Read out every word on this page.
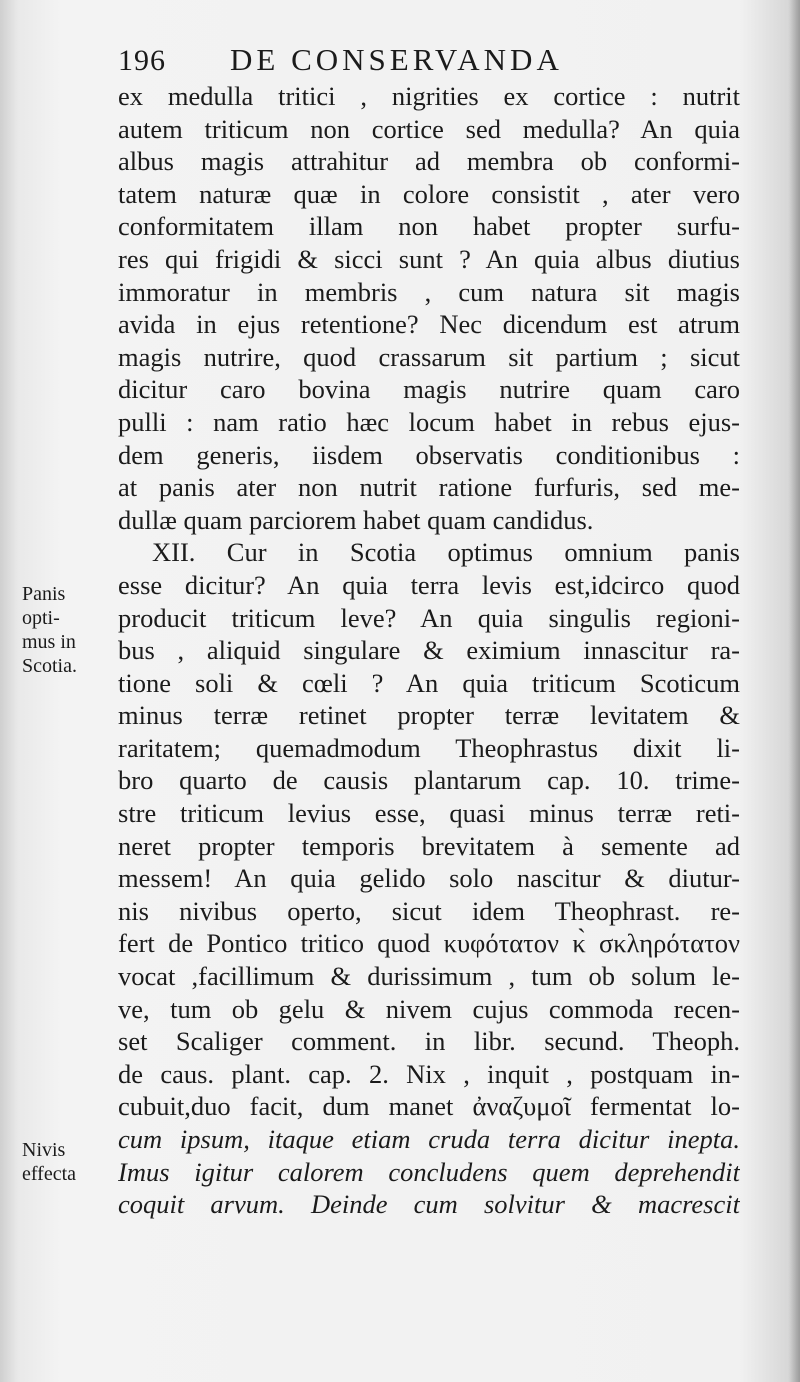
196 DE CONSERVANDA
ex medulla tritici , nigrities ex cortice : nutrit
autem triticum non cortice sed medulla? An quia
albus magis attrahitur ad membra ob conformi-
tatem naturæ quæ in colore consistit , ater vero
conformitatem illam non habet propter surfu-
res qui frigidi & sicci sunt ? An quia albus diutius
immoratur in membris , cum natura sit magis
avida in ejus retentione? Nec dicendum est atrum
magis nutrire, quod crassarum sit partium ; sicut
dicitur caro bovina magis nutrire quam caro
pulli : nam ratio hæc locum habet in rebus ejus-
dem generis, iisdem observatis conditionibus :
at panis ater non nutrit ratione furfuris, sed me-
dullæ quam parciorem habet quam candidus.
XII. Cur in Scotia optimus omnium panis
esse dicitur? An quia terra levis est,idcirco quod
producit triticum leve? An quia singulis regioni-
bus , aliquid singulare & eximium innascitur ra-
tione soli & cœli ? An quia triticum Scoticum
minus terræ retinet propter terræ levitatem &
raritatem; quemadmodum Theophrastus dixit li-
bro quarto de causis plantarum cap. 10. trime-
stre triticum levius esse, quasi minus terræ reti-
neret propter temporis brevitatem à semente ad
messem! An quia gelido solo nascitur & diutur-
nis nivibus operto, sicut idem Theophrast. re-
fert de Pontico tritico quod κυφότατον κ̀ σκληρότατον
vocat ,facillimum & durissimum , tum ob solum le-
ve, tum ob gelu & nivem cujus commoda recen-
set Scaliger comment. in libr. secund. Theoph.
de caus. plant. cap. 2. Nix , inquit , postquam in-
cubuit,duo facit, dum manet ἀναζυμοῖ fermentat lo-
cum ipsum, itaque etiam cruda terra dicitur inepta.
Imus igitur calorem concludens quem deprehendit
coquit arvum. Deinde cum solvitur & macrescit
Panis
opti-
mus in
Scotia.
Nivis
effecta
